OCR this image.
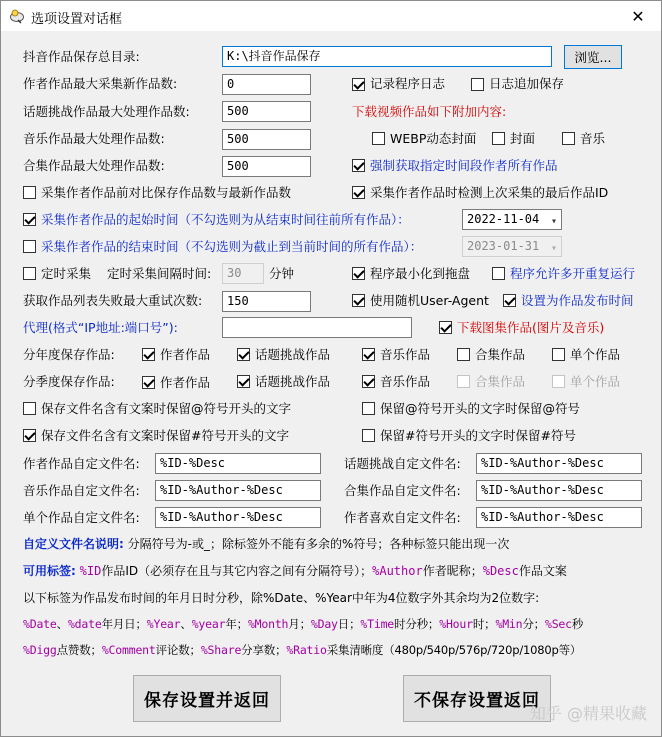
选项设置对话框	✕
抖音作品保存总目录:	K:\抖音作品保存	浏览...
作者作品最大采集新作品数:	0	记录程序日志	日志追加保存
话题挑战作品最大处理作品数:	500	下载视频作品如下附加内容:
音乐作品最大处理作品数:	500	WEBP动态封面	封面	音乐
合集作品最大处理作品数:	500	强制获取指定时间段作者所有作品
采集作者作品前对比保存作品数与最新作品数	采集作者作品时检测上次采集的最后作品ID
采集作者作品的起始时间（不勾选则为从结束时间往前所有作品）：	2022-11-04 ▾
采集作者作品的结束时间（不勾选则为截止到当前时间的所有作品）：	2023-01-31 ▾
定时采集 定时采集间隔时间:	30	分钟	程序最小化到拖盘	程序允许多开重复运行
获取作品列表失败最大重试次数:	150	使用随机User-Agent	设置为作品发布时间
代理(格式“IP地址:端口号”):	下载图集作品(图片及音乐)
分年度保存作品:	作者作品	话题挑战作品	音乐作品	合集作品	单个作品
分季度保存作品:	作者作品	话题挑战作品	音乐作品	合集作品	单个作品
保存文件名含有文案时保留@符号开头的文字	保留@符号开头的文字时保留@符号
保存文件名含有文案时保留#符号开头的文字	保留#符号开头的文字时保留#符号
作者作品自定文件名:	%ID-%Desc	话题挑战自定文件名:	%ID-%Author-%Desc
音乐作品自定文件名:	%ID-%Author-%Desc	合集作品自定文件名:	%ID-%Author-%Desc
单个作品自定文件名:	%ID-%Author-%Desc	作者喜欢自定文件名:	%ID-%Author-%Desc
自定义文件名说明: 分隔符号为-或_；除标签外不能有多余的%符号；各种标签只能出现一次
可用标签: %ID作品ID（必须存在且与其它内容之间有分隔符号）；%Author作者昵称；%Desc作品文案
以下标签为作品发布时间的年月日时分秒，除%Date、%Year中年为4位数字外其余均为2位数字:
%Date、%date年月日；%Year、%year年；%Month月；%Day日；%Time时分秒；%Hour时；%Min分；%Sec秒
%Digg点赞数；%Comment评论数；%Share分享数；%Ratio采集清晰度（480p/540p/576p/720p/1080p等）
保存设置并返回	不保存设置返回
知乎 @精果收藏
